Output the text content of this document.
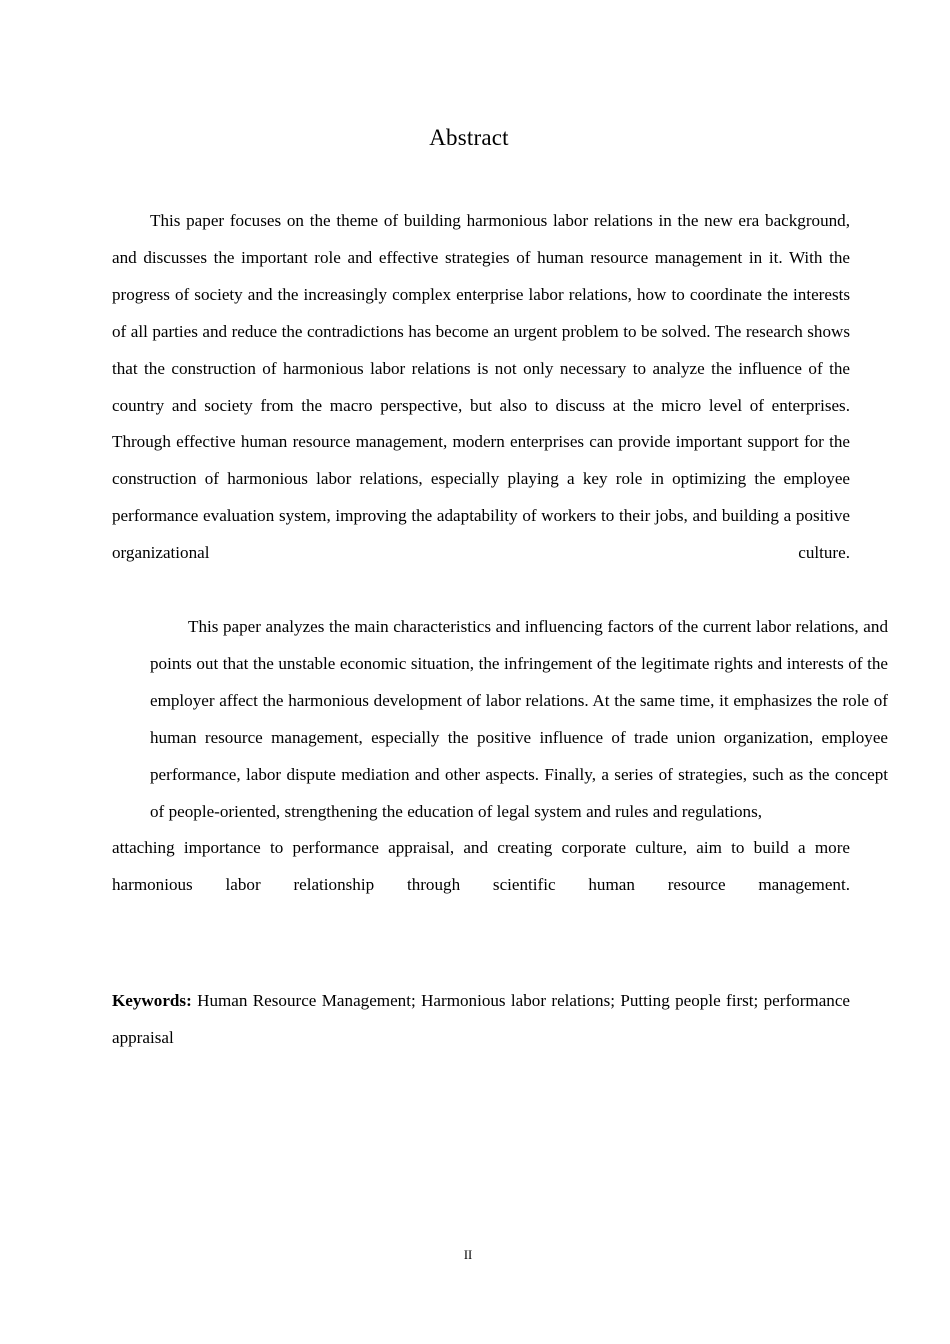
Abstract

This paper focuses on the theme of building harmonious labor relations in the new era background, and discusses the important role and effective strategies of human resource management in it. With the progress of society and the increasingly complex enterprise labor relations, how to coordinate the interests of all parties and reduce the contradictions has become an urgent problem to be solved. The research shows that the construction of harmonious labor relations is not only necessary to analyze the influence of the country and society from the macro perspective, but also to discuss at the micro level of enterprises. Through effective human resource management, modern enterprises can provide important support for the construction of harmonious labor relations, especially playing a key role in optimizing the employee performance evaluation system, improving the adaptability of workers to their jobs, and building a positive organizational culture.

This paper analyzes the main characteristics and influencing factors of the current labor relations, and points out that the unstable economic situation, the infringement of the legitimate rights and interests of the employer affect the harmonious development of labor relations. At the same time, it emphasizes the role of human resource management, especially the positive influence of trade union organization, employee performance, labor dispute mediation and other aspects. Finally, a series of strategies, such as the concept of people-oriented, strengthening the education of legal system and rules and regulations,attaching importance to performance appraisal, and creating corporate culture, aim to build a more harmonious labor relationship through scientific human resource management.

Keywords: Human Resource Management; Harmonious labor relations; Putting people first; performance appraisal

II
